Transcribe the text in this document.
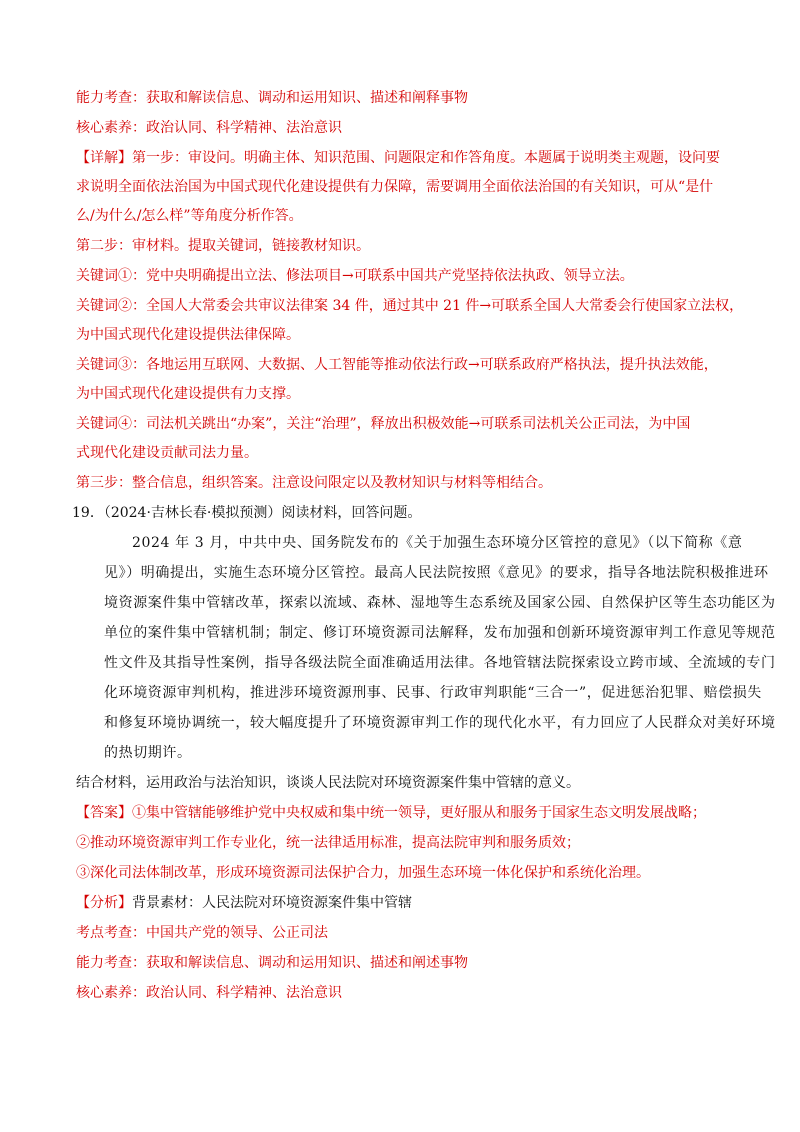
能力考查：获取和解读信息、调动和运用知识、描述和阐释事物
核心素养：政治认同、科学精神、法治意识
【详解】第一步：审设问。明确主体、知识范围、问题限定和作答角度。本题属于说明类主观题，设问要
求说明全面依法治国为中国式现代化建设提供有力保障，需要调用全面依法治国的有关知识，可从“是什
么/为什么/怎么样”等角度分析作答。
第二步：审材料。提取关键词，链接教材知识。
关键词①：党中央明确提出立法、修法项目→可联系中国共产党坚持依法执政、领导立法。
关键词②：全国人大常委会共审议法律案 34 件，通过其中 21 件→可联系全国人大常委会行使国家立法权，
为中国式现代化建设提供法律保障。
关键词③：各地运用互联网、大数据、人工智能等推动依法行政→可联系政府严格执法，提升执法效能，
为中国式现代化建设提供有力支撑。
关键词④：司法机关跳出“办案”，关注“治理”，释放出积极效能→可联系司法机关公正司法，为中国
式现代化建设贡献司法力量。
第三步：整合信息，组织答案。注意设问限定以及教材知识与材料等相结合。
19．（2024·吉林长春·模拟预测）阅读材料，回答问题。
2024 年 3 月，中共中央、国务院发布的《关于加强生态环境分区管控的意见》（以下简称《意
见》）明确提出，实施生态环境分区管控。最高人民法院按照《意见》的要求，指导各地法院积极推进环
境资源案件集中管辖改革，探索以流域、森林、湿地等生态系统及国家公园、自然保护区等生态功能区为
单位的案件集中管辖机制；制定、修订环境资源司法解释，发布加强和创新环境资源审判工作意见等规范
性文件及其指导性案例，指导各级法院全面准确适用法律。各地管辖法院探索设立跨市域、全流域的专门
化环境资源审判机构，推进涉环境资源刑事、民事、行政审判职能“三合一”，促进惩治犯罪、赔偿损失
和修复环境协调统一，较大幅度提升了环境资源审判工作的现代化水平，有力回应了人民群众对美好环境
的热切期许。
结合材料，运用政治与法治知识，谈谈人民法院对环境资源案件集中管辖的意义。
【答案】①集中管辖能够维护党中央权威和集中统一领导，更好服从和服务于国家生态文明发展战略；
②推动环境资源审判工作专业化，统一法律适用标准，提高法院审判和服务质效；
③深化司法体制改革，形成环境资源司法保护合力，加强生态环境一体化保护和系统化治理。
【分析】背景素材：人民法院对环境资源案件集中管辖
考点考查：中国共产党的领导、公正司法
能力考查：获取和解读信息、调动和运用知识、描述和阐述事物
核心素养：政治认同、科学精神、法治意识
